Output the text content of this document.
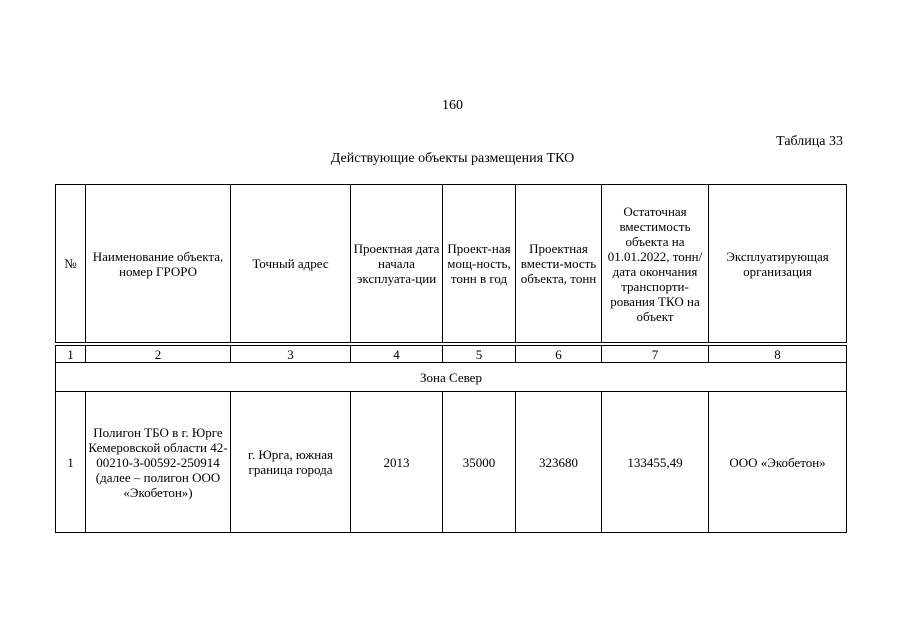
160
Таблица 33
Действующие объекты размещения ТКО
№	Наименование объекта, номер ГРОРО	Точный адрес	Проектная дата начала эксплуата-ции	Проект-ная мощ-ность, тонн в год	Проектная вмести-мость объекта, тонн	Остаточная вместимость объекта на 01.01.2022, тонн/дата окончания транспорти-рования ТКО на объект	Эксплуатирующая организация

1	2	3	4	5	6	7	8
Зона Север							
1	Полигон ТБО в г. Юрге Кемеровской области 42-00210-З-00592-250914 (далее – полигон ООО «Экобетон»)	г. Юрга, южная граница города	2013	35000	323680	133455,49	ООО «Экобетон»
